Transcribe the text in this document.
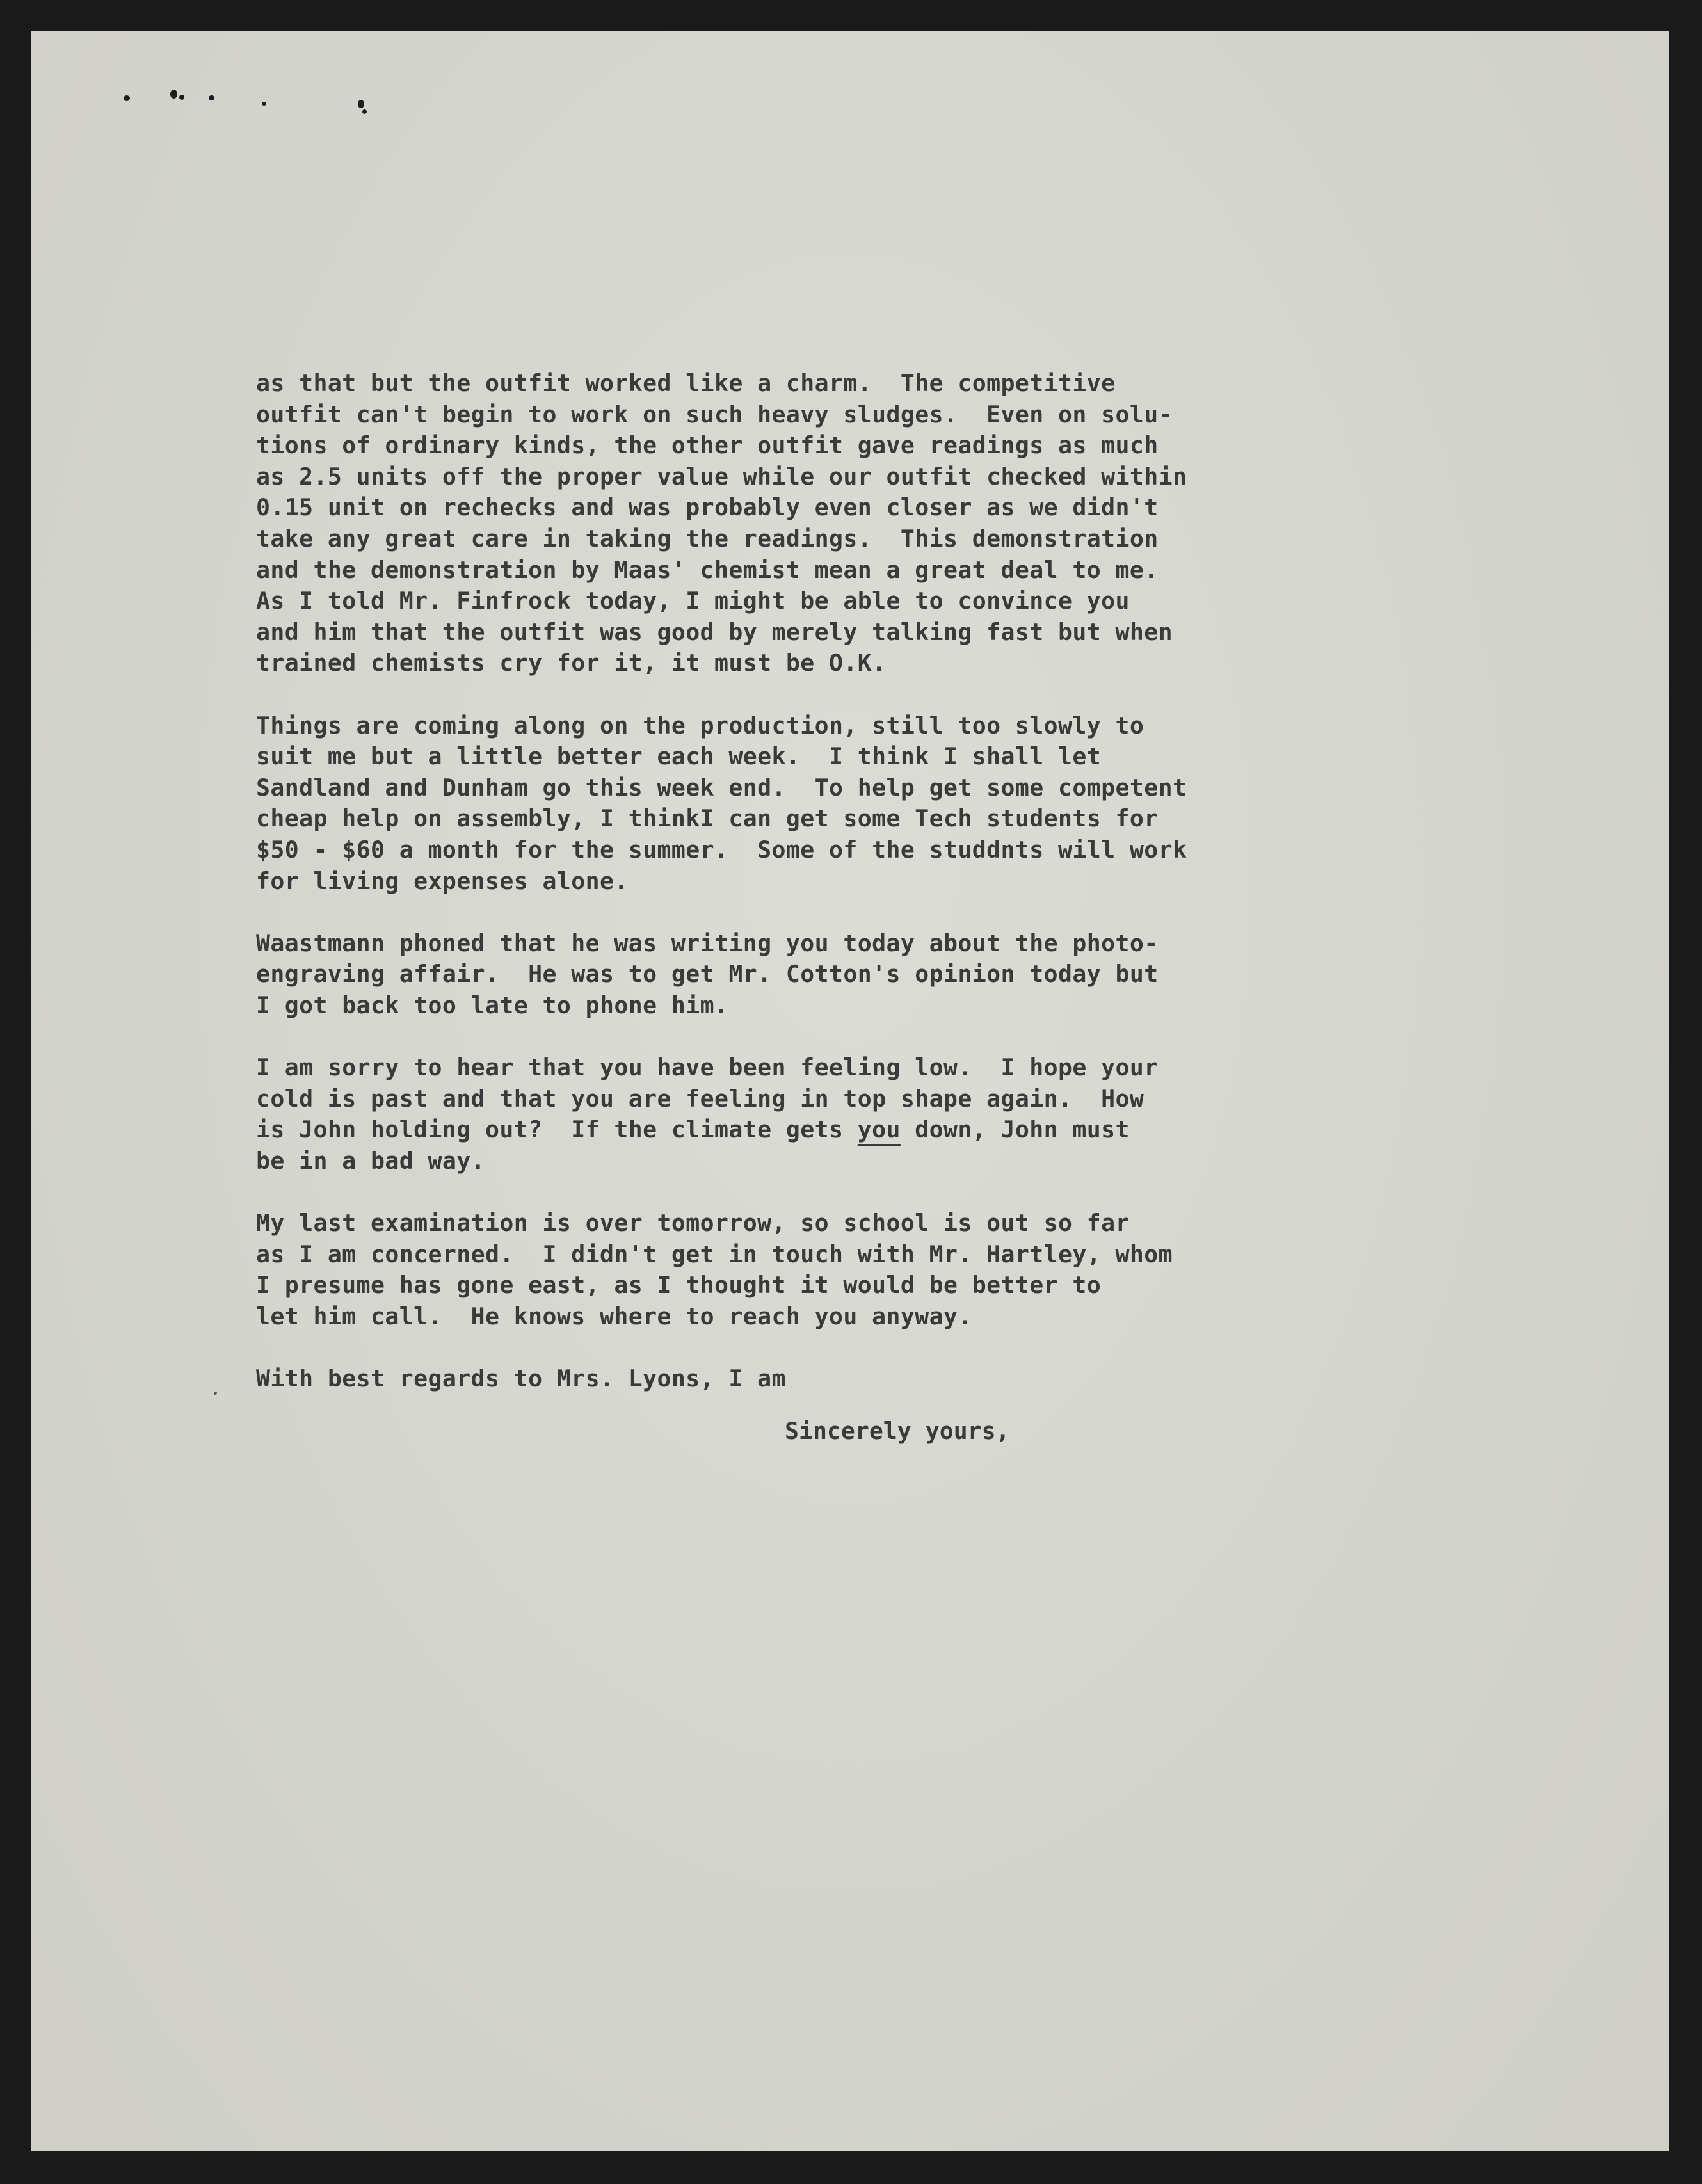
as that but the outfit worked like a charm.  The competitive
outfit can't begin to work on such heavy sludges.  Even on solu-
tions of ordinary kinds, the other outfit gave readings as much
as 2.5 units off the proper value while our outfit checked within
0.15 unit on rechecks and was probably even closer as we didn't
take any great care in taking the readings.  This demonstration
and the demonstration by Maas' chemist mean a great deal to me.
As I told Mr. Finfrock today, I might be able to convince you
and him that the outfit was good by merely talking fast but when
trained chemists cry for it, it must be O.K.
Things are coming along on the production, still too slowly to
suit me but a little better each week.  I think I shall let
Sandland and Dunham go this week end.  To help get some competent
cheap help on assembly, I thinkI can get some Tech students for
$50 - $60 a month for the summer.  Some of the studdnts will work
for living expenses alone.
Waastmann phoned that he was writing you today about the photo-
engraving affair.  He was to get Mr. Cotton's opinion today but
I got back too late to phone him.
I am sorry to hear that you have been feeling low.  I hope your
cold is past and that you are feeling in top shape again.  How
is John holding out?  If the climate gets you down, John must
be in a bad way.
My last examination is over tomorrow, so school is out so far
as I am concerned.  I didn't get in touch with Mr. Hartley, whom
I presume has gone east, as I thought it would be better to
let him call.  He knows where to reach you anyway.
With best regards to Mrs. Lyons, I am
Sincerely yours,
